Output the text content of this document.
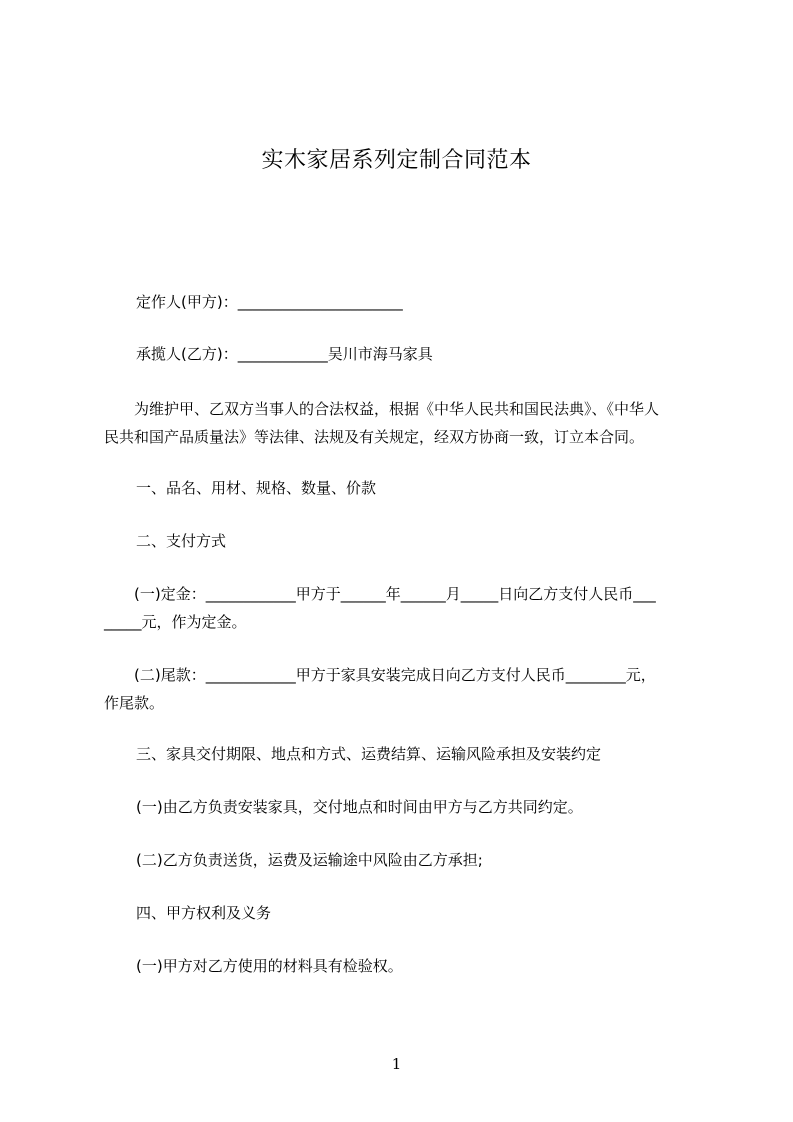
实木家居系列定制合同范本
定作人(甲方)：______________________
承揽人(乙方)：____________吴川市海马家具
　　为维护甲、乙双方当事人的合法权益，根据《中华人民共和国民法典》、《中华人
民共和国产品质量法》等法律、法规及有关规定，经双方协商一致，订立本合同。
一、品名、用材、规格、数量、价款
二、支付方式
　　(一)定金：____________甲方于______年______月_____日向乙方支付人民币___
_____元，作为定金。
　　(二)尾款：____________甲方于家具安装完成日向乙方支付人民币________元，
作尾款。
三、家具交付期限、地点和方式、运费结算、运输风险承担及安装约定
(一)由乙方负责安装家具，交付地点和时间由甲方与乙方共同约定。
(二)乙方负责送货，运费及运输途中风险由乙方承担;
四、甲方权利及义务
(一)甲方对乙方使用的材料具有检验权。
1
